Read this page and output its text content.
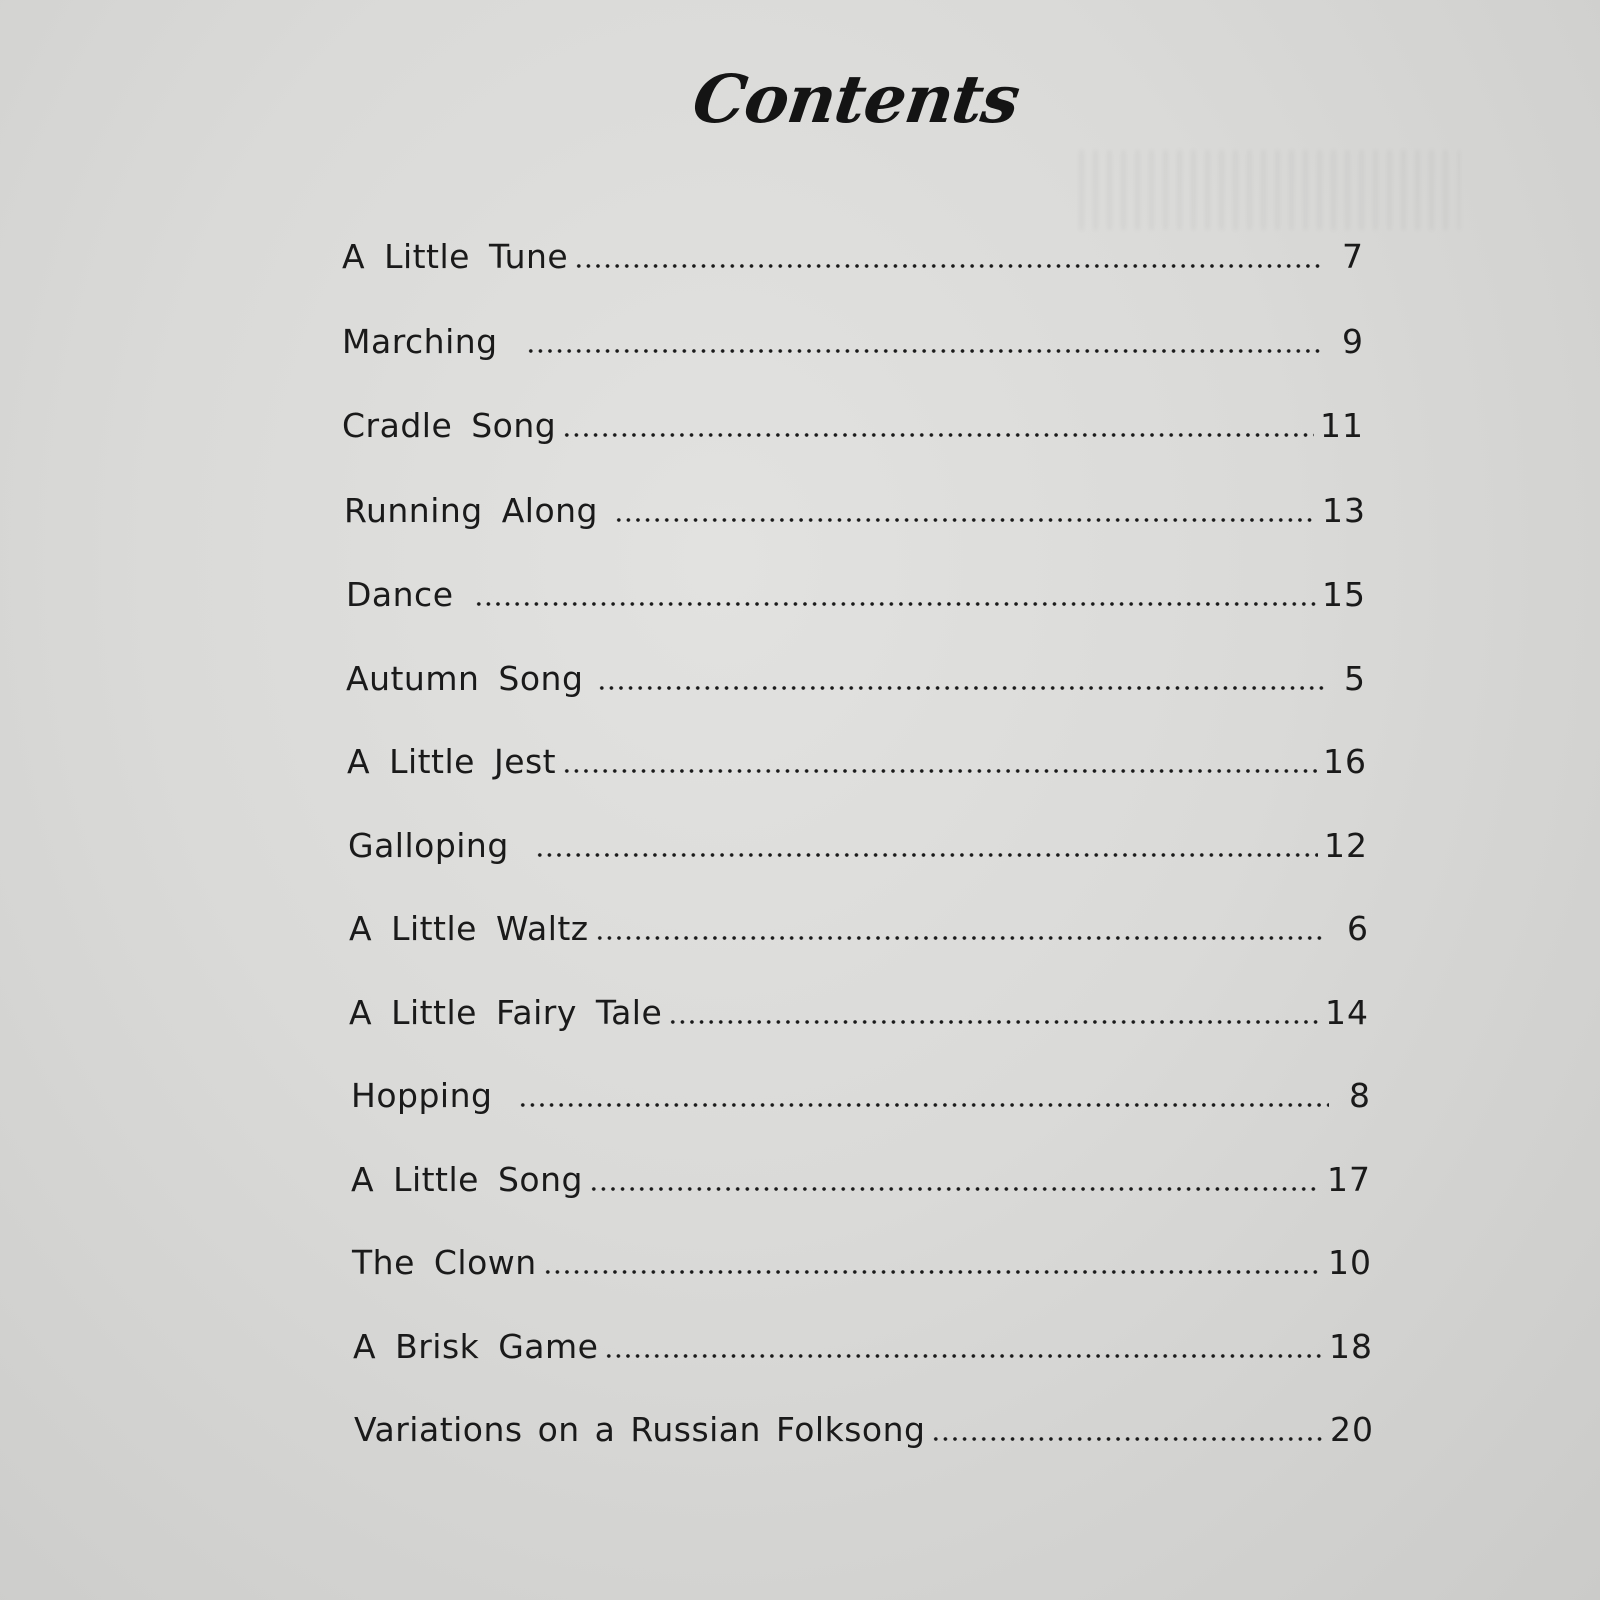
Contents
A Little Tune	7
Marching	9
Cradle Song	11
Running Along	13
Dance	15
Autumn Song	5
A Little Jest	16
Galloping	12
A Little Waltz	6
A Little Fairy Tale	14
Hopping	8
A Little Song	17
The Clown	10
A Brisk Game	18
Variations on a Russian Folksong	20
